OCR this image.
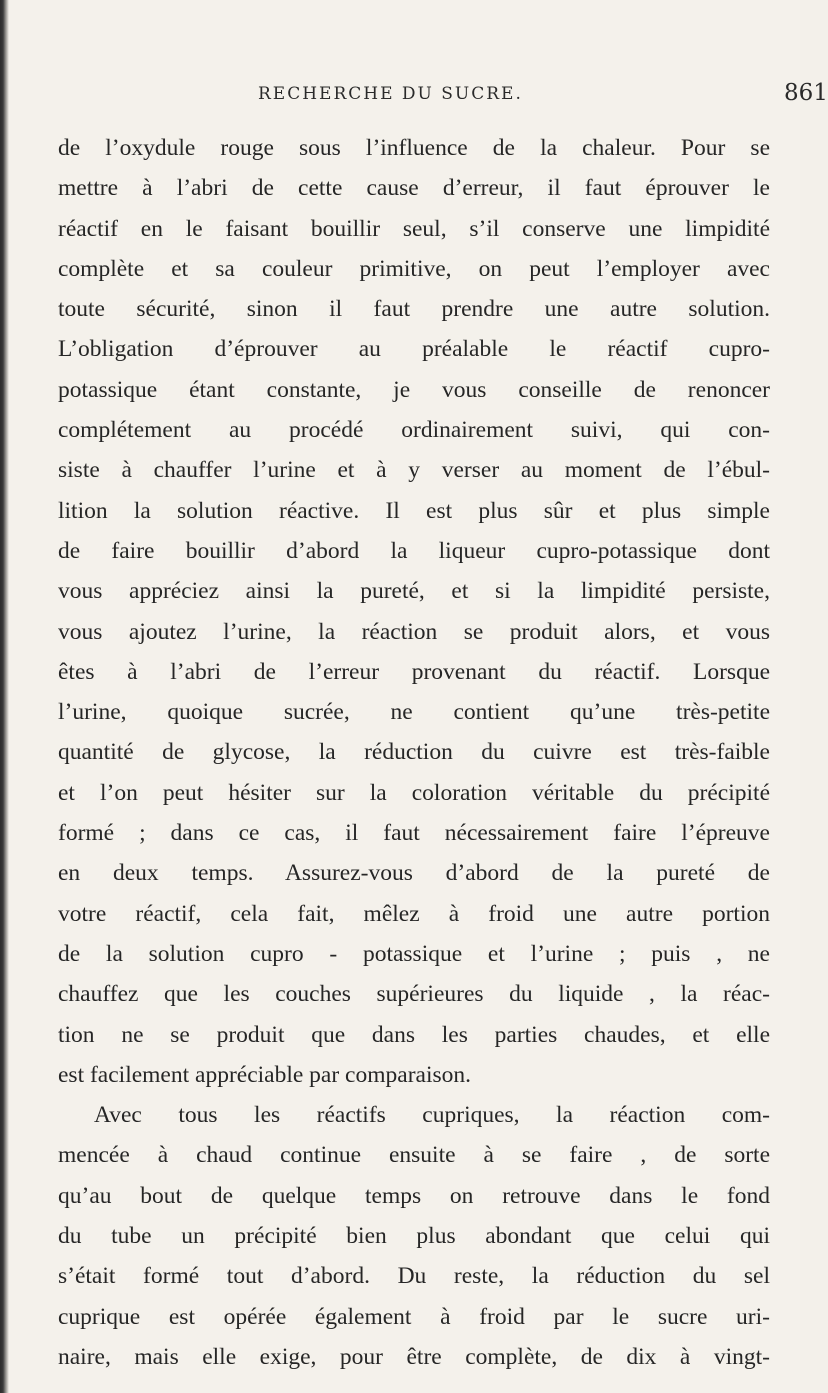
RECHERCHE DU SUCRE.	861
de l’oxydule rouge sous l’influence de la chaleur. Pour se
mettre à l’abri de cette cause d’erreur, il faut éprouver le
réactif en le faisant bouillir seul, s’il conserve une limpidité
complète et sa couleur primitive, on peut l’employer avec
toute sécurité, sinon il faut prendre une autre solution.
L’obligation d’éprouver au préalable le réactif cupro-
potassique étant constante, je vous conseille de renoncer
complétement au procédé ordinairement suivi, qui con-
siste à chauffer l’urine et à y verser au moment de l’ébul-
lition la solution réactive. Il est plus sûr et plus simple
de faire bouillir d’abord la liqueur cupro-potassique dont
vous appréciez ainsi la pureté, et si la limpidité persiste,
vous ajoutez l’urine, la réaction se produit alors, et vous
êtes à l’abri de l’erreur provenant du réactif. Lorsque
l’urine, quoique sucrée, ne contient qu’une très-petite
quantité de glycose, la réduction du cuivre est très-faible
et l’on peut hésiter sur la coloration véritable du précipité
formé ; dans ce cas, il faut nécessairement faire l’épreuve
en deux temps. Assurez-vous d’abord de la pureté de
votre réactif, cela fait, mêlez à froid une autre portion
de la solution cupro - potassique et l’urine ; puis , ne
chauffez que les couches supérieures du liquide , la réac-
tion ne se produit que dans les parties chaudes, et elle
est facilement appréciable par comparaison.
Avec tous les réactifs cupriques, la réaction com-
mencée à chaud continue ensuite à se faire , de sorte
qu’au bout de quelque temps on retrouve dans le fond
du tube un précipité bien plus abondant que celui qui
s’était formé tout d’abord. Du reste, la réduction du sel
cuprique est opérée également à froid par le sucre uri-
naire, mais elle exige, pour être complète, de dix à vingt-
